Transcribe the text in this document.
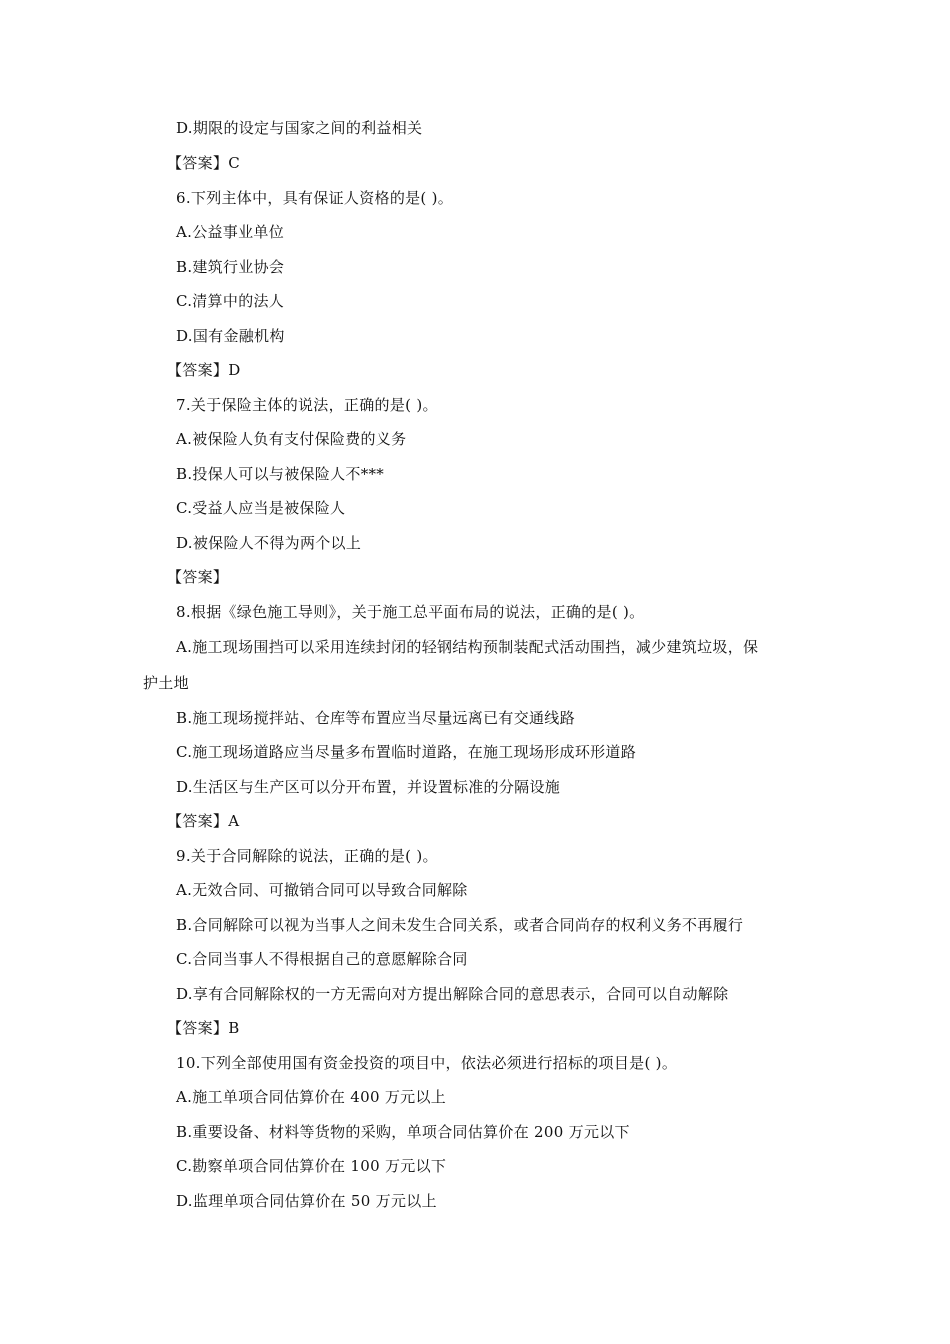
D.期限的设定与国家之间的利益相关
【答案】C
6.下列主体中，具有保证人资格的是( )。
A.公益事业单位
B.建筑行业协会
C.清算中的法人
D.国有金融机构
【答案】D
7.关于保险主体的说法，正确的是( )。
A.被保险人负有支付保险费的义务
B.投保人可以与被保险人不***
C.受益人应当是被保险人
D.被保险人不得为两个以上
【答案】
8.根据《绿色施工导则》，关于施工总平面布局的说法，正确的是( )。
A.施工现场围挡可以采用连续封闭的轻钢结构预制装配式活动围挡，减少建筑垃圾，保
护土地
B.施工现场搅拌站、仓库等布置应当尽量远离已有交通线路
C.施工现场道路应当尽量多布置临时道路，在施工现场形成环形道路
D.生活区与生产区可以分开布置，并设置标准的分隔设施
【答案】A
9.关于合同解除的说法，正确的是( )。
A.无效合同、可撤销合同可以导致合同解除
B.合同解除可以视为当事人之间未发生合同关系，或者合同尚存的权利义务不再履行
C.合同当事人不得根据自己的意愿解除合同
D.享有合同解除权的一方无需向对方提出解除合同的意思表示，合同可以自动解除
【答案】B
10.下列全部使用国有资金投资的项目中，依法必须进行招标的项目是( )。
A.施工单项合同估算价在 400 万元以上
B.重要设备、材料等货物的采购，单项合同估算价在 200 万元以下
C.勘察单项合同估算价在 100 万元以下
D.监理单项合同估算价在 50 万元以上
